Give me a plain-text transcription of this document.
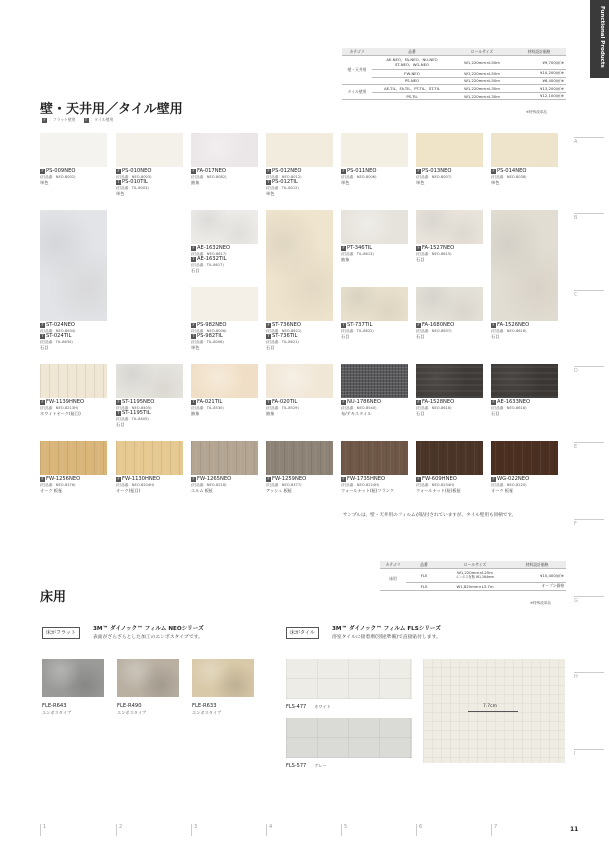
Functional Products
カテゴリ	品番	ロールサイズ	材料設計価格
壁・天井用	AE-NEO、FA-NEO、NU-NEO
ST-NEO、WG-NEO	W1,220mm×L50m	¥9,700/㎡※
	FW-NEO	W1,220mm×L50m	¥10,200/㎡※
	PS-NEO	W1,220mm×L50m	¥6,400/㎡※
タイル壁用	AE-TIL、FA-TIL、PT-TIL、ST-TIL	W1,220mm×L30m	¥13,200/㎡※
	PS-TIL	W1,220mm×L30m	¥12,100/㎡※
※特殊改革品
壁・天井用／タイル壁用
F ：フラット壁用	T ：タイル壁用
F PS-009NEO
(旧品番：NEO-8002)
単色
F PS-010NEO
(旧品番：NEO-8003)
T PS-010TIL
(旧品番：TIL-8003)
単色
F FA-017NEO
(旧品番：NEO-8082)
抽象
F PS-012NEO
(旧品番：NEO-8012)
T PS-012TIL
(旧品番：TIL-8012)
単色
F PS-011NEO
(旧品番：NEO-8006)
単色
F PS-013NEO
(旧品番：NEO-8007)
単色
F PS-014NEO
(旧品番：NEO-8038)
単色
F AE-1632NEO
(旧品番：NEO-8617)
T AE-1632TIL
(旧品番：TIL-8617)
石目
F PT-346TIL
(旧品番：TIL-8613)
抽象
F FA-1527NEO
(旧品番：NEO-8615)
石目
F ST-024NEO
(旧品番：NEO-8634)
T ST-024TIL
(旧品番：TIL-8634)
石目
F PS-982NEO
(旧品番：NEO-8006)
T PS-982TIL
(旧品番：TIL-8006)
単色
F ST-736NEO
(旧品番：NEO-8621)
T ST-736TIL
(旧品番：TIL-8621)
石目
T ST-737TIL
(旧品番：TIL-8622)
石目
F FA-1680NEO
(旧品番：NEO-8637)
石目
F FA-1526NEO
(旧品番：NEO-8616)
石目
F FW-1139HNEO
(旧品番：NEO-8213H)
ホワイトオーク(柾目)
F ST-1195NEO
(旧品番：NEO-8405)
T ST-1195TIL
(旧品番：TIL-8405)
石目
T FA-021TIL
(旧品番：TIL-8530)
抽象
T FA-020TIL
(旧品番：TIL-8529)
抽象
F NU-1786NEO
(旧品番：NEO-8540)
布/テキスタイル
F FA-1528NEO
(旧品番：NEO-8618)
石目
F AE-1633NEO
(旧品番：NEO-8618)
石目
F FW-1256NEO
(旧品番：NEO-8376)
オーク 板柾
F FW-1130HNEO
(旧品番：NEO-8204H)
オーク(柾目)
F FW-1265NEO
(旧品番：NEO-8218)
エルム 板柾
F FW-1259NEO
(旧品番：NEO-8377)
アッシュ 板柾
F FW-1735HNEO
(旧品番：NEO-8224H)
ウォールナット(柾)フランク
F FW-609HNEO
(旧品番：NEO-8234H)
ウォールナット(柾)板柾
F WG-022NEO
(旧品番：NEO-8220)
オーク 板柾
サンプルは、壁・天井用のフィルムが貼付されていますが、タイル壁用も同柄です。
床用
カテゴリ	品番	ロールサイズ	材料設計価格
床用	FLE	W1,220mm×L25m
エンボス有無 W1,164mm	¥15,400/㎡※
	FLS	W1,820mm×L3.7m	オープン価格
※特殊改革品
床がフラット
3M™ ダイノック™ フィルム NEOシリーズ
表面がざらざらとした加工のエンボスタイプです。
床がタイル
3M™ ダイノック™ フィルム FLSシリーズ
浴室タイルに接着剤(別途準備)で直接貼付します。
FLE-R643
エンボスタイプ
FLE-R490
エンボスタイプ
FLE-R633
エンボスタイプ
FLS-477 ホワイト
FLS-577 グレー
7.7cm
A
B
C
D
E
F
G
H
I
1	2	3	4	5	6	7	11
